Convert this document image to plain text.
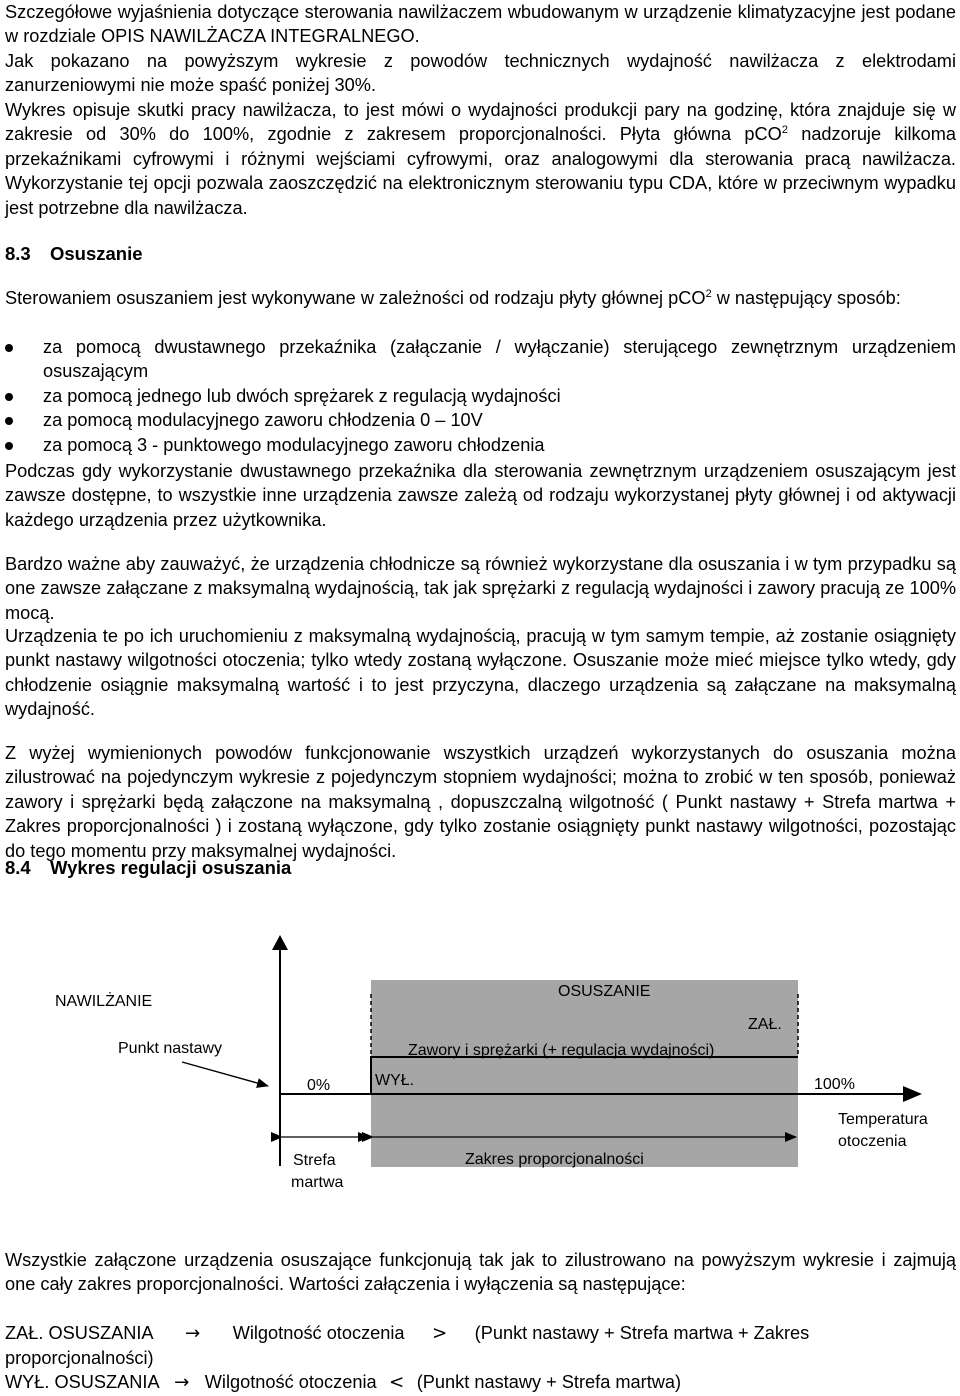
Szczegółowe wyjaśnienia dotyczące sterowania nawilżaczem wbudowanym w urządzenie klimatyzacyjne jest podane w rozdziale OPIS NAWILŻACZA INTEGRALNEGO.

Jak pokazano na powyższym wykresie z powodów technicznych wydajność nawilżacza z elektrodami zanurzeniowymi nie może spaść poniżej 30%.

Wykres opisuje skutki pracy nawilżacza, to jest mówi o wydajności produkcji pary na godzinę, która znajduje się w zakresie od 30% do 100%, zgodnie z zakresem proporcjonalności. Płyta główna pCO$^2$ nadzoruje kilkoma przekaźnikami cyfrowymi i różnymi wejściami cyfrowymi, oraz analogowymi dla sterowania pracą nawilżacza. Wykorzystanie tej opcji pozwala zaoszczędzić na elektronicznym sterowaniu typu CDA, które w przeciwnym wypadku jest potrzebne dla nawilżacza.

8.3 Osuszanie

Sterowaniem osuszaniem jest wykonywane w zależności od rodzaju płyty głównej pCO$^2$ w następujący sposób:

za pomocą dwustawnego przekaźnika (załączanie / wyłączanie) sterującego zewnętrznym urządzeniem osuszającym
za pomocą jednego lub dwóch sprężarek z regulacją wydajności
za pomocą modulacyjnego zaworu chłodzenia 0 – 10V
za pomocą 3 - punktowego modulacyjnego zaworu chłodzenia

Podczas gdy wykorzystanie dwustawnego przekaźnika dla sterowania zewnętrznym urządzeniem osuszającym jest zawsze dostępne, to wszystkie inne urządzenia zawsze zależą od rodzaju wykorzystanej płyty głównej i od aktywacji każdego urządzenia przez użytkownika.

Bardzo ważne aby zauważyć, że urządzenia chłodnicze są również wykorzystane dla osuszania i w tym przypadku są one zawsze załączane z maksymalną wydajnością, tak jak sprężarki z regulacją wydajności i zawory pracują ze 100% mocą.

Urządzenia te po ich uruchomieniu z maksymalną wydajnością, pracują w tym samym tempie, aż zostanie osiągnięty punkt nastawy wilgotności otoczenia; tylko wtedy zostaną wyłączone. Osuszanie może mieć miejsce tylko wtedy, gdy chłodzenie osiągnie maksymalną wartość i to jest przyczyna, dlaczego urządzenia są załączane na maksymalną wydajność.

Z wyżej wymienionych powodów funkcjonowanie wszystkich urządzeń wykorzystanych do osuszania można zilustrować na pojedynczym wykresie z pojedynczym stopniem wydajności; można to zrobić w ten sposób, ponieważ zawory i sprężarki będą załączone na maksymalną , dopuszczalną wilgotność ( Punkt nastawy + Strefa martwa + Zakres proporcjonalności ) i zostaną wyłączone, gdy tylko zostanie osiągnięty punkt nastawy wilgotności, pozostając do tego momentu przy maksymalnej wydajności.

8.4 Wykres regulacji osuszania
NAWILŻANIE
OSUSZANIE
Punkt nastawy
ZAŁ.
Zawory i sprężarki (+ regulacja wydajności)
0%	WYŁ.	100%
Temperatura
otoczenia
Strefa
martwa
Zakres proporcjonalności

Wszystkie załączone urządzenia osuszające funkcjonują tak jak to zilustrowano na powyższym wykresie i zajmują one cały zakres proporcjonalności. Wartości załączenia i wyłączenia są następujące:

ZAŁ. OSUSZANIA → Wilgotność otoczenia > (Punkt nastawy + Strefa martwa + Zakres proporcjonalności)

WYŁ. OSUSZANIA → Wilgotność otoczenia < (Punkt nastawy + Strefa martwa)
